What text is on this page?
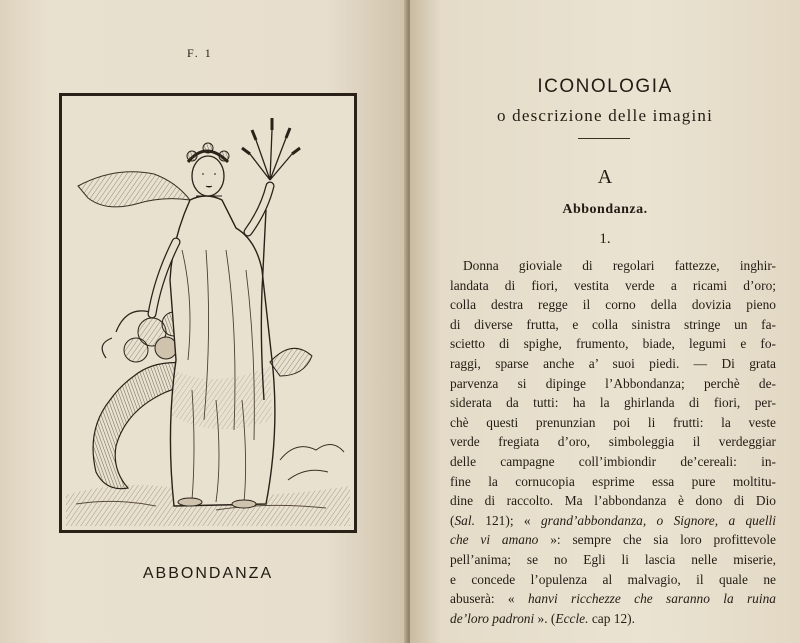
F. 1
ABBONDANZA
ICONOLOGIA
o descrizione delle imagini
A
Abbondanza.
1.
Donna gioviale di regolari fattezze, inghir-
landata di fiori, vestita verde a ricami d’oro;
colla destra regge il corno della dovizia pieno
di diverse frutta, e colla sinistra stringe un fa-
scietto di spighe, frumento, biade, legumi e fo-
raggi, sparse anche a’ suoi piedi. — Di grata
parvenza si dipinge l’Abbondanza; perchè de-
siderata da tutti: ha la ghirlanda di fiori, per-
chè questi prenunzian poi li frutti: la veste
verde fregiata d’oro, simboleggia il verdeggiar
delle campagne coll’imbiondir de’cereali: in-
fine la cornucopia esprime essa pure moltitu-
dine di raccolto. Ma l’abbondanza è dono di Dio
(Sal. 121); « grand’abbondanza, o Signore, a quelli
che vi amano »: sempre che sia loro profittevole
pell’anima; se no Egli li lascia nelle miserie,
e concede l’opulenza al malvagio, il quale ne
abuserà: « hanvi ricchezze che saranno la ruina
de’loro padroni ». (Eccle. cap 12).
